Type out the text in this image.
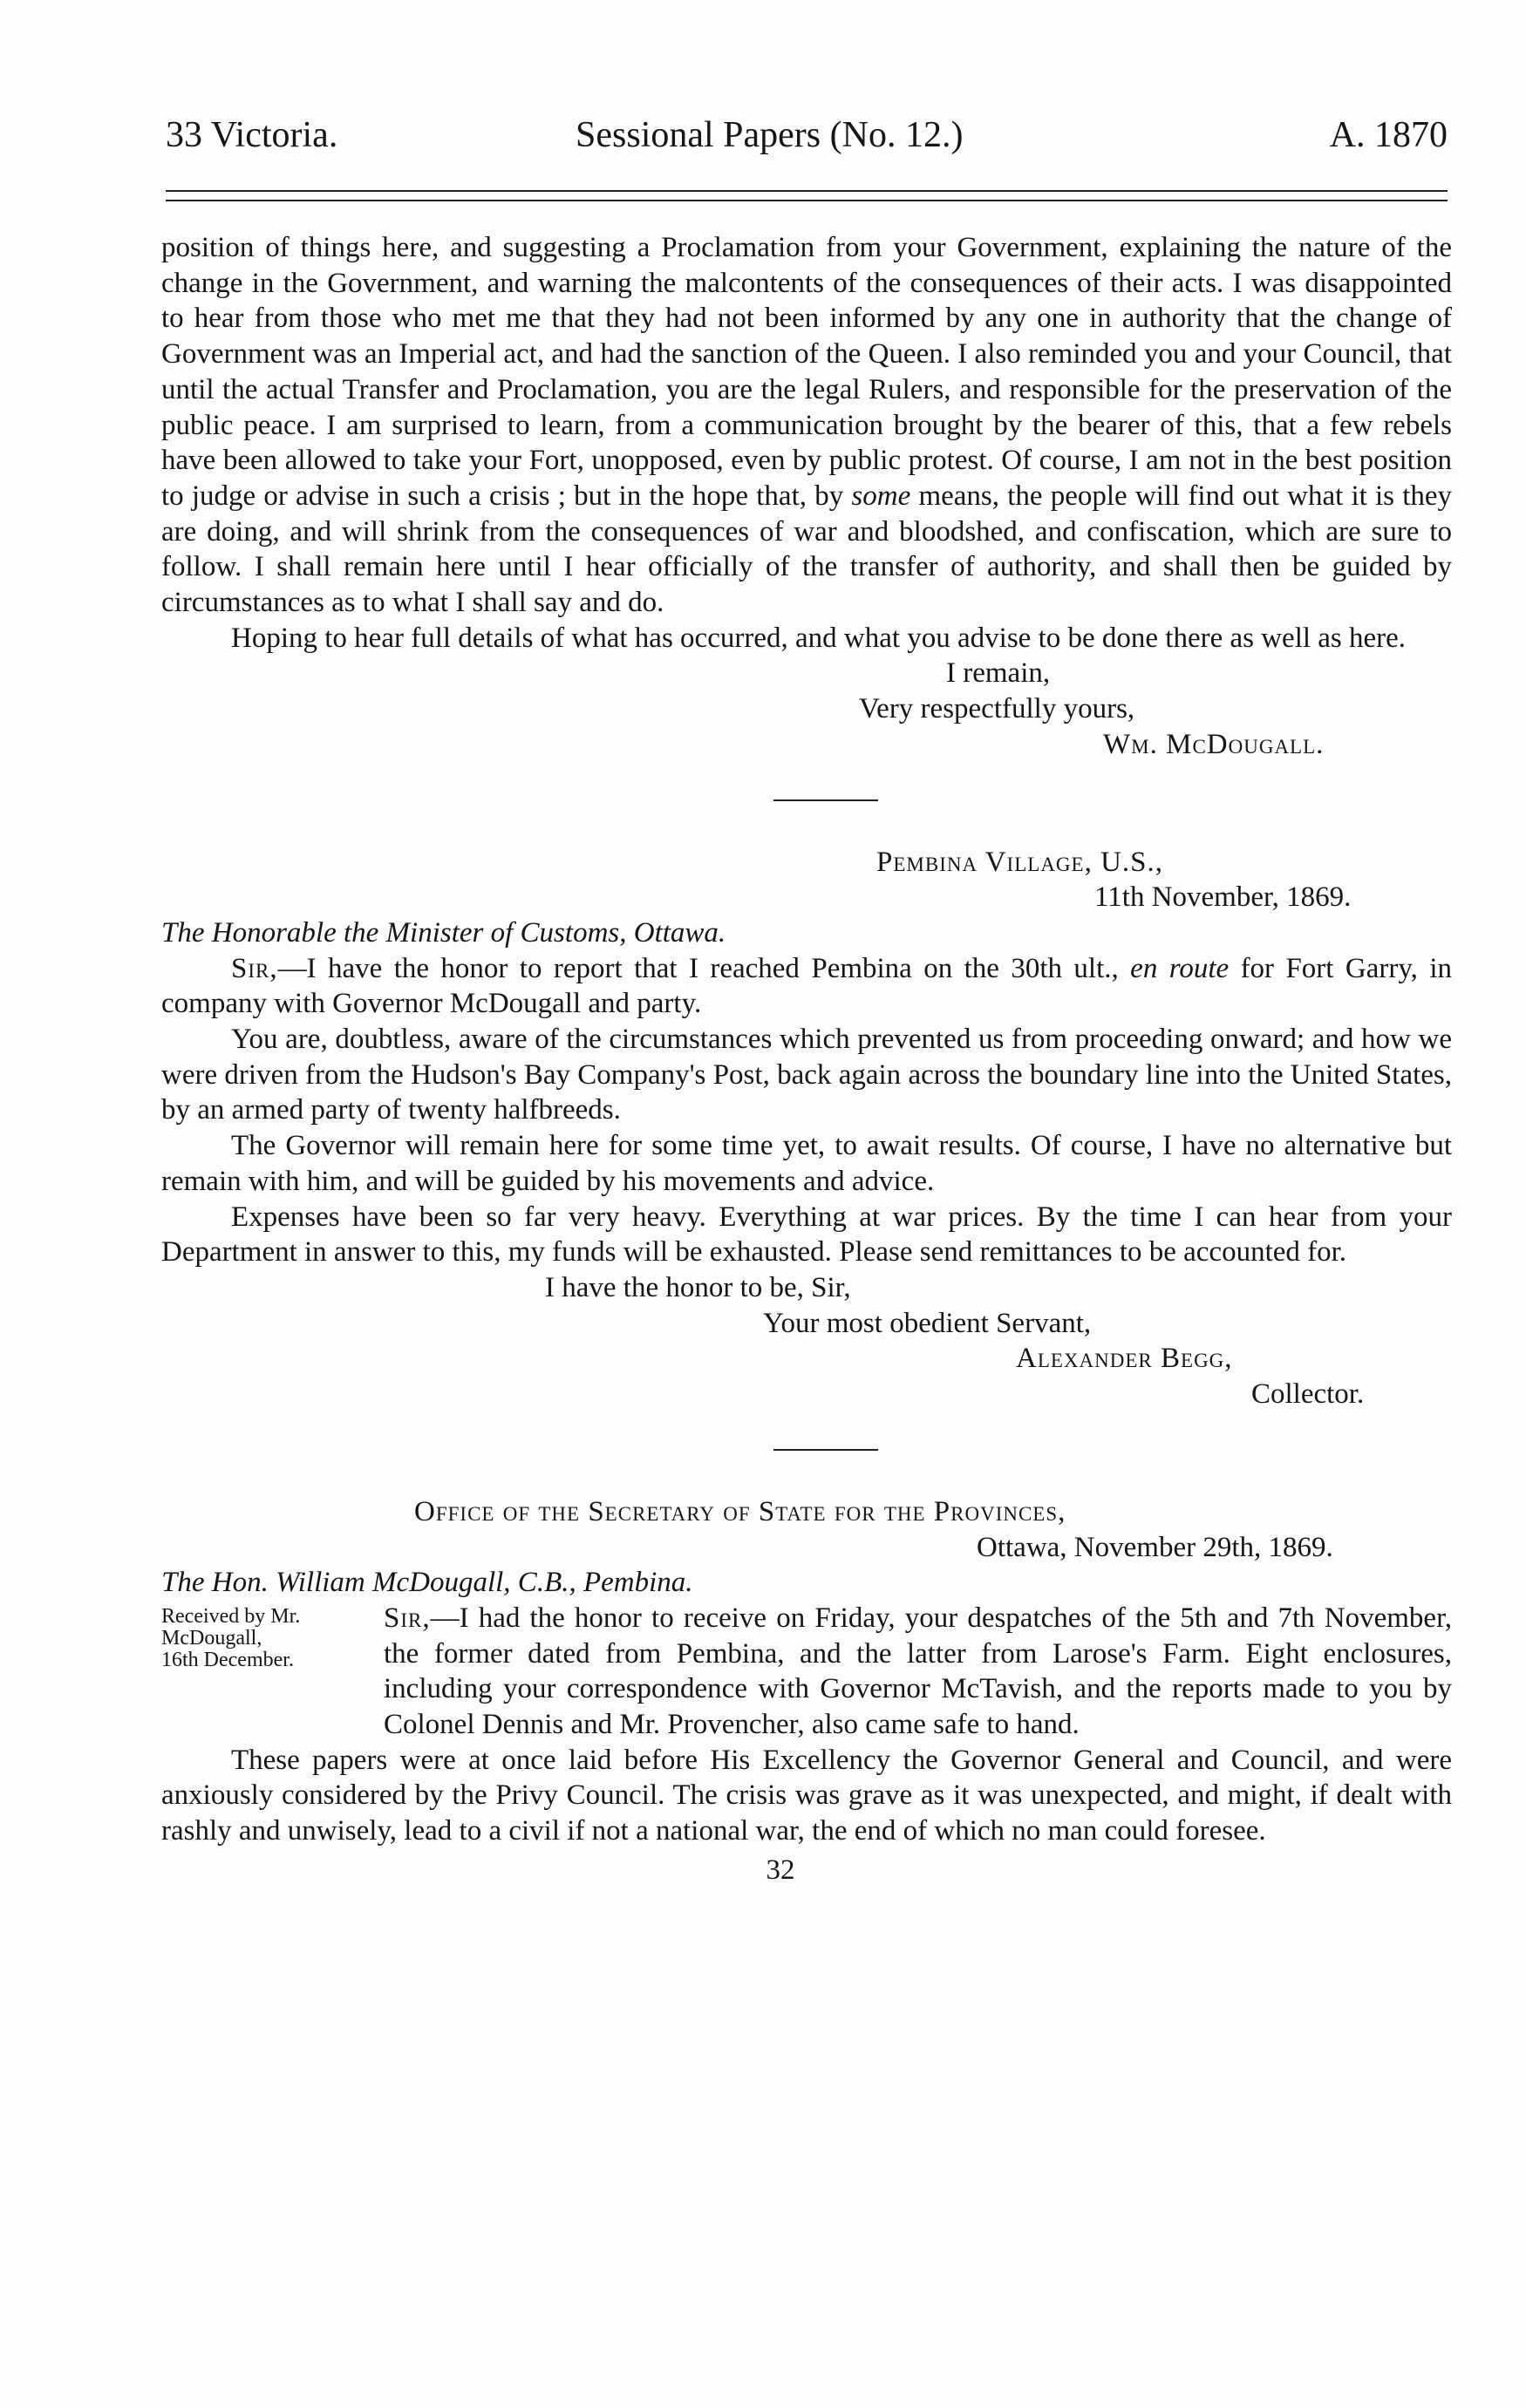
33 Victoria.	Sessional Papers (No. 12.)	A. 1870

position of things here, and suggesting a Proclamation from your Government, explaining the nature of the change in the Government, and warning the malcontents of the consequences of their acts. I was disappointed to hear from those who met me that they had not been informed by any one in authority that the change of Government was an Imperial act, and had the sanction of the Queen. I also reminded you and your Council, that until the actual Transfer and Proclamation, you are the legal Rulers, and responsible for the preservation of the public peace. I am surprised to learn, from a communication brought by the bearer of this, that a few rebels have been allowed to take your Fort, unopposed, even by public protest. Of course, I am not in the best position to judge or advise in such a crisis ; but in the hope that, by some means, the people will find out what it is they are doing, and will shrink from the consequences of war and bloodshed, and confiscation, which are sure to follow. I shall remain here until I hear officially of the transfer of authority, and shall then be guided by circumstances as to what I shall say and do.

Hoping to hear full details of what has occurred, and what you advise to be done there as well as here.

I remain,
Very respectfully yours,
Wm. McDougall.
Pembina Village, U.S.,
11th November, 1869.
The Honorable the Minister of Customs, Ottawa.

Sir,—I have the honor to report that I reached Pembina on the 30th ult., en route for Fort Garry, in company with Governor McDougall and party.

You are, doubtless, aware of the circumstances which prevented us from proceeding onward; and how we were driven from the Hudson's Bay Company's Post, back again across the boundary line into the United States, by an armed party of twenty halfbreeds.

The Governor will remain here for some time yet, to await results. Of course, I have no alternative but remain with him, and will be guided by his movements and advice.

Expenses have been so far very heavy. Everything at war prices. By the time I can hear from your Department in answer to this, my funds will be exhausted. Please send remittances to be accounted for.

I have the honor to be, Sir,
Your most obedient Servant,
Alexander Begg,
Collector.
Office of the Secretary of State for the Provinces,
Ottawa, November 29th, 1869.
The Hon. William McDougall, C.B., Pembina.
Received by Mr. McDougall, 16th December.

Sir,—I had the honor to receive on Friday, your despatches of the 5th and 7th November, the former dated from Pembina, and the latter from Larose's Farm. Eight enclosures, including your correspondence with Governor McTavish, and the reports made to you by Colonel Dennis and Mr. Provencher, also came safe to hand.

These papers were at once laid before His Excellency the Governor General and Council, and were anxiously considered by the Privy Council. The crisis was grave as it was unexpected, and might, if dealt with rashly and unwisely, lead to a civil if not a national war, the end of which no man could foresee.

32
